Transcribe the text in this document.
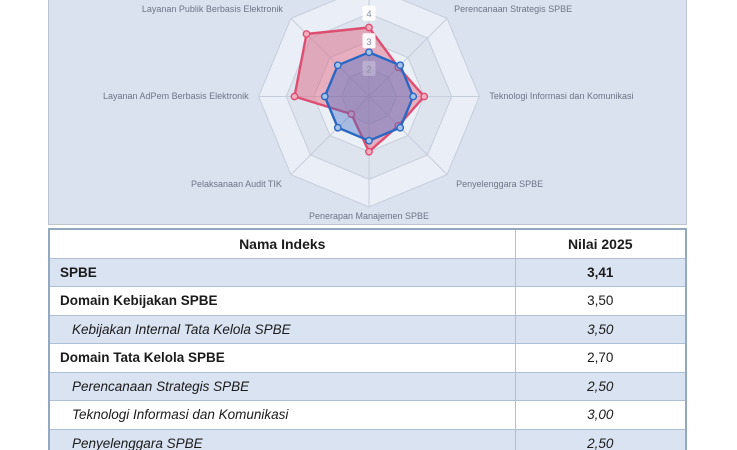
2
3
4	Perencanaan Strategis SPBE
Teknologi Informasi dan Komunikasi
Penyelenggara SPBE
Penerapan Manajemen SPBE
Pelaksanaan Audit TIK
Layanan AdPem Berbasis Elektronik
Layanan Publik Berbasis Elektronik
Nama Indeks	Nilai 2025
SPBE	3,41
Domain Kebijakan SPBE	3,50
Kebijakan Internal Tata Kelola SPBE	3,50
Domain Tata Kelola SPBE	2,70
Perencanaan Strategis SPBE	2,50
Teknologi Informasi dan Komunikasi	3,00
Penyelenggara SPBE	2,50
